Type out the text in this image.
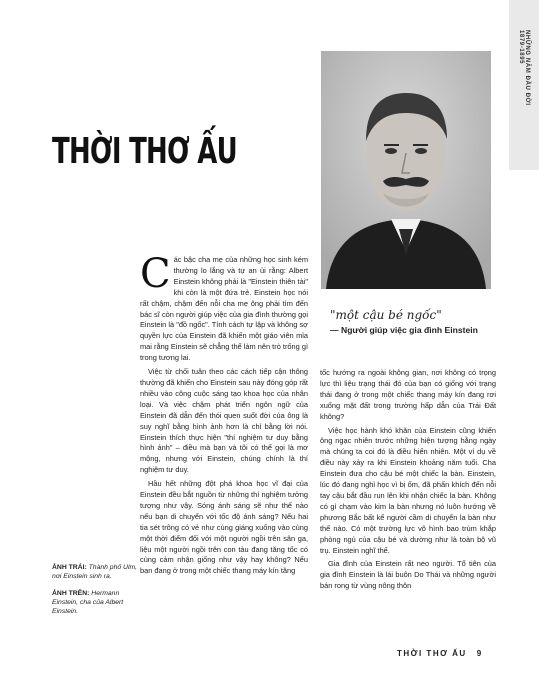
1879-1895 NHỮNG NĂM ĐẦU ĐỜI
THỜI THƠ ẤU
"một cậu bé ngốc"
— Người giúp việc gia đình Einstein

Các bậc cha mẹ của những học sinh kém thường lo lắng và tự an ủi rằng: Albert Einstein không phải là "Einstein thiên tài" khi còn là một đứa trẻ. Einstein học nói rất chậm, chậm đến nỗi cha mẹ ông phải tìm đến bác sĩ còn người giúp việc của gia đình thường gọi Einstein là "đồ ngốc". Tính cách tự lập và không sợ quyền lực của Einstein đã khiến một giáo viên mỉa mai rằng Einstein sẽ chẳng thể làm nên trò trống gì trong tương lai.

Việc từ chối tuân theo các cách tiếp cận thông thường đã khiến cho Einstein sau này đóng góp rất nhiều vào công cuộc sáng tạo khoa học của nhân loại. Và việc chậm phát triển ngôn ngữ của Einstein đã dẫn đến thói quen suốt đời của ông là suy nghĩ bằng hình ảnh hơn là chỉ bằng lời nói. Einstein thích thực hiện "thí nghiệm tư duy bằng hình ảnh" – điều mà bạn và tôi có thể gọi là mơ mộng, nhưng với Einstein, chúng chính là thí nghiệm tư duy.

Hầu hết những đột phá khoa học vĩ đại của Einstein đều bắt nguồn từ những thí nghiệm tưởng tượng như vậy. Sóng ánh sáng sẽ như thế nào nếu bạn di chuyển với tốc độ ánh sáng? Nếu hai tia sét trông có vẻ như cùng giáng xuống vào cùng một thời điểm đối với một người ngồi trên sân ga, liệu một người ngồi trên con tàu đang tăng tốc có cùng cảm nhận giống như vậy hay không? Nếu bạn đang ở trong một chiếc thang máy kín tăng

tốc hướng ra ngoài không gian, nơi không có trọng lực thì liệu trạng thái đó của bạn có giống với trạng thái đang ở trong một chiếc thang máy kín đang rơi xuống mặt đất trong trường hấp dẫn của Trái Đất không?

Việc học hành khó khăn của Einstein cũng khiến ông ngạc nhiên trước những hiện tượng hằng ngày mà chúng ta coi đó là điều hiển nhiên. Một ví dụ về điều này xảy ra khi Einstein khoảng năm tuổi. Cha Einstein đưa cho cậu bé một chiếc la bàn. Einstein, lúc đó đang nghỉ học vì bị ốm, đã phấn khích đến nỗi tay cậu bắt đầu run lên khi nhận chiếc la bàn. Không có gì chạm vào kim la bàn nhưng nó luôn hướng về phương Bắc bất kể người cầm di chuyển la bàn như thế nào. Có một trường lực vô hình bao trùm khắp phòng ngủ của cậu bé và dường như là toàn bộ vũ trụ. Einstein nghĩ thế.

Gia đình của Einstein rất neo người. Tổ tiên của gia đình Einstein là lái buôn Do Thái và những người bán rong từ vùng nông thôn

ẢNH TRÁI: Thành phố Ulm, nơi Einstein sinh ra.

ẢNH TRÊN: Hermann Einstein, cha của Albert Einstein.

THỜI THƠ ẤU 9
